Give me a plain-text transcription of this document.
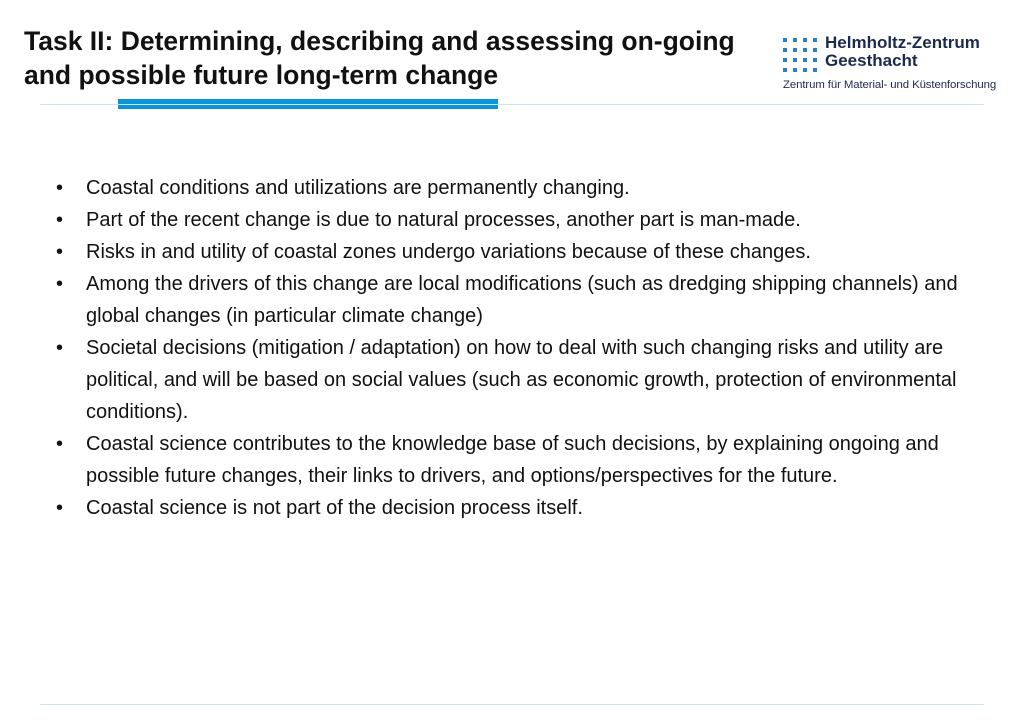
Task II: Determining, describing and assessing on-going and possible future long-term change
Helmholtz-Zentrum
Geesthacht
Zentrum für Material- und Küstenforschung
• Coastal conditions and utilizations are permanently changing.
• Part of the recent change is due to natural processes, another part is man-made.
• Risks in and utility of coastal zones undergo variations because of these changes.
• Among the drivers of this change are local modifications (such as dredging shipping channels) and global changes (in particular climate change)
• Societal decisions (mitigation / adaptation) on how to deal with such changing risks and utility are political, and will be based on social values (such as economic growth, protection of environmental conditions).
• Coastal science contributes to the knowledge base of such decisions, by explaining ongoing and possible future changes, their links to drivers, and options/perspectives for the future.
• Coastal science is not part of the decision process itself.
